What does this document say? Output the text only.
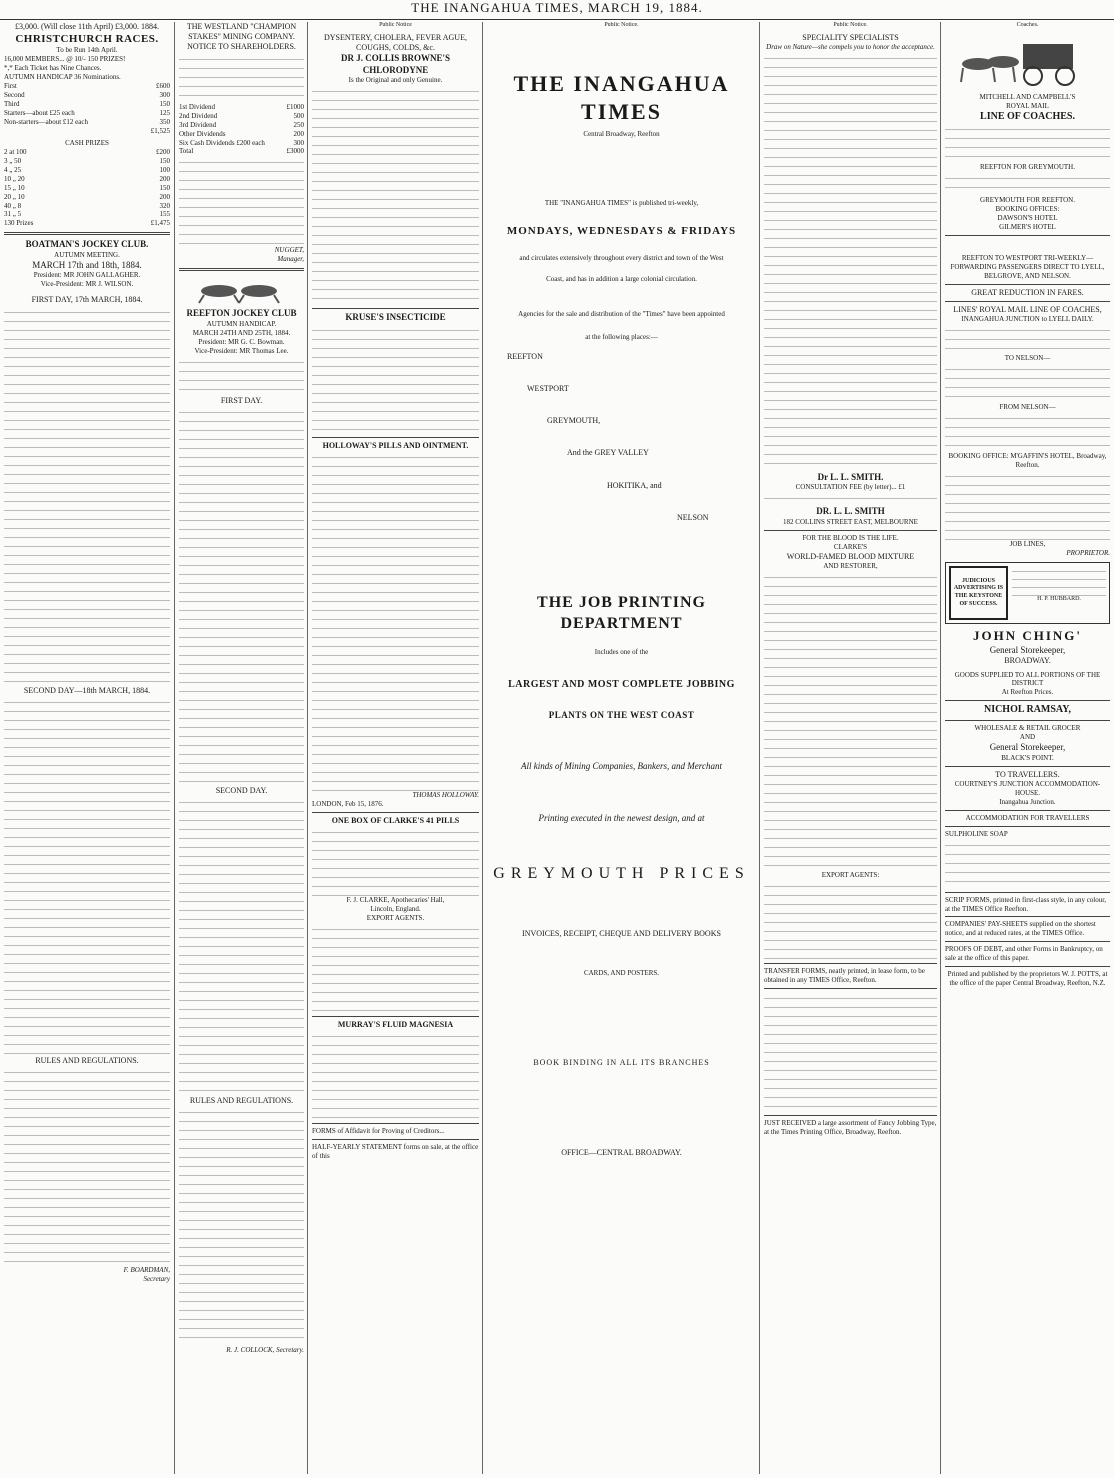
THE INANGAHUA TIMES, MARCH 19, 1884.
£3,000. (Will close 11th April) £3,000. 1884.
CHRISTCHURCH RACES.
To be Run 14th April.
16,000 MEMBERS... @ 10/- 150 PRIZES!
*,* Each Ticket has Nine Chances.
AUTUMN HANDICAP 36 Nominations.
First	£600
Second	300
Third	150
Starters—about £25 each	125
Non-starters—about £12 each	350
£1,525
CASH PRIZES
2 at 100	£200
3 „ 50	150
4 „ 25	100
10 „ 20	200
15 „ 10	150
20 „ 10	200
40 „ 8	320
31 „ 5	155
130 Prizes	£1,475
BOATMAN'S JOCKEY CLUB.
AUTUMN MEETING.
MARCH 17th and 18th, 1884.
President: MR JOHN GALLAGHER.
Vice-President: MR J. WILSON.
FIRST DAY, 17th MARCH, 1884.
SECOND DAY—18th MARCH, 1884.
RULES AND REGULATIONS.
F. BOARDMAN,
Secretary
THE WESTLAND "CHAMPION STAKES" MINING COMPANY.
NOTICE TO SHAREHOLDERS.
1st Dividend	£1000
2nd Dividend	500
3rd Dividend	250
Other Dividends	200
Six Cash Dividends £200 each	300
Total	£3000
NUGGET,
Manager,
REEFTON JOCKEY CLUB
AUTUMN HANDICAP.
MARCH 24TH AND 25TH, 1884.
President: MR G. C. Bowman.
Vice-President: MR Thomas Lee.
FIRST DAY.
SECOND DAY.
RULES AND REGULATIONS.
R. J. COLLOCK, Secretary.
Public Notice
DYSENTERY, CHOLERA, FEVER AGUE, COUGHS, COLDS, &c.
DR J. COLLIS BROWNE'S CHLORODYNE
Is the Original and only Genuine.
KRUSE'S INSECTICIDE
HOLLOWAY'S PILLS AND OINTMENT.
THOMAS HOLLOWAY.
LONDON, Feb 15, 1876.
ONE BOX OF CLARKE'S 41 PILLS
F. J. CLARKE, Apothecaries' Hall,
Lincoln, England.
EXPORT AGENTS.
MURRAY'S FLUID MAGNESIA
FORMS of Affidavit for Proving of Creditors...
HALF-YEARLY STATEMENT forms on sale, at the office of this
Public Notice.
THE INANGAHUA TIMES
Central Broadway, Reefton
THE "INANGAHUA TIMES" is published tri-weekly,
MONDAYS, WEDNESDAYS & FRIDAYS
and circulates extensively throughout every district and town of the West
Coast, and has in addition a large colonial circulation.
Agencies for the sale and distribution of the "Times" have been appointed
at the following places:—
REEFTON
WESTPORT
GREYMOUTH,
And the GREY VALLEY
HOKITIKA, and
NELSON
THE JOB PRINTING DEPARTMENT
Includes one of the
LARGEST AND MOST COMPLETE JOBBING
PLANTS ON THE WEST COAST
All kinds of Mining Companies, Bankers, and Merchant
Printing executed in the newest design, and at
GREYMOUTH PRICES
INVOICES, RECEIPT, CHEQUE AND DELIVERY BOOKS
CARDS, AND POSTERS.
BOOK BINDING IN ALL ITS BRANCHES
OFFICE—CENTRAL BROADWAY.
Public Notice.
SPECIALITY SPECIALISTS
Draw on Nature—she compels you to honor the acceptance.
Dr L. L. SMITH.
CONSULTATION FEE (by letter)... £1
DR. L. L. SMITH
182 COLLINS STREET EAST, MELBOURNE
FOR THE BLOOD IS THE LIFE.
CLARKE'S
WORLD-FAMED BLOOD MIXTURE
AND RESTORER,
EXPORT AGENTS:
TRANSFER FORMS, neatly printed, in lease form, to be obtained in any TIMES Office, Reefton.
JUST RECEIVED a large assortment of Fancy Jobbing Type, at the Times Printing Office, Broadway, Reefton.
Coaches.
MITCHELL AND CAMPBELL'S
ROYAL MAIL
LINE OF COACHES.
REEFTON FOR GREYMOUTH.
GREYMOUTH FOR REEFTON.
BOOKING OFFICES:
DAWSON'S HOTEL
GILMER'S HOTEL
REEFTON TO WESTPORT TRI-WEEKLY—FORWARDING PASSENGERS DIRECT TO LYELL, BELGROVE, AND NELSON.
GREAT REDUCTION IN FARES.
LINES' ROYAL MAIL LINE OF COACHES,
INANGAHUA JUNCTION to LYELL DAILY.
TO NELSON—
FROM NELSON—
BOOKING OFFICE: M'GAFFIN'S HOTEL, Broadway, Reefton.
JOB LINES,
PROPRIETOR.
JUDICIOUS ADVERTISING IS THE KEYSTONE OF SUCCESS.
H. P. HUBBARD.
JOHN CHING'
General Storekeeper,
BROADWAY.
GOODS SUPPLIED TO ALL PORTIONS OF THE DISTRICT
At Reefton Prices.
NICHOL RAMSAY,
WHOLESALE & RETAIL GROCER
AND
General Storekeeper,
BLACK'S POINT.
TO TRAVELLERS.
COURTNEY'S JUNCTION ACCOMMODATION-HOUSE.
Inangahua Junction.
ACCOMMODATION FOR TRAVELLERS
SULPHOLINE SOAP
SCRIP FORMS, printed in first-class style, in any colour, at the TIMES Office Reefton.
COMPANIES' PAY-SHEETS supplied on the shortest notice, and at reduced rates, at the TIMES Office.
PROOFS OF DEBT, and other Forms in Bankruptcy, on sale at the office of this paper.
Printed and published by the proprietors W. J. POTTS, at the office of the paper Central Broadway, Reefton, N.Z.
